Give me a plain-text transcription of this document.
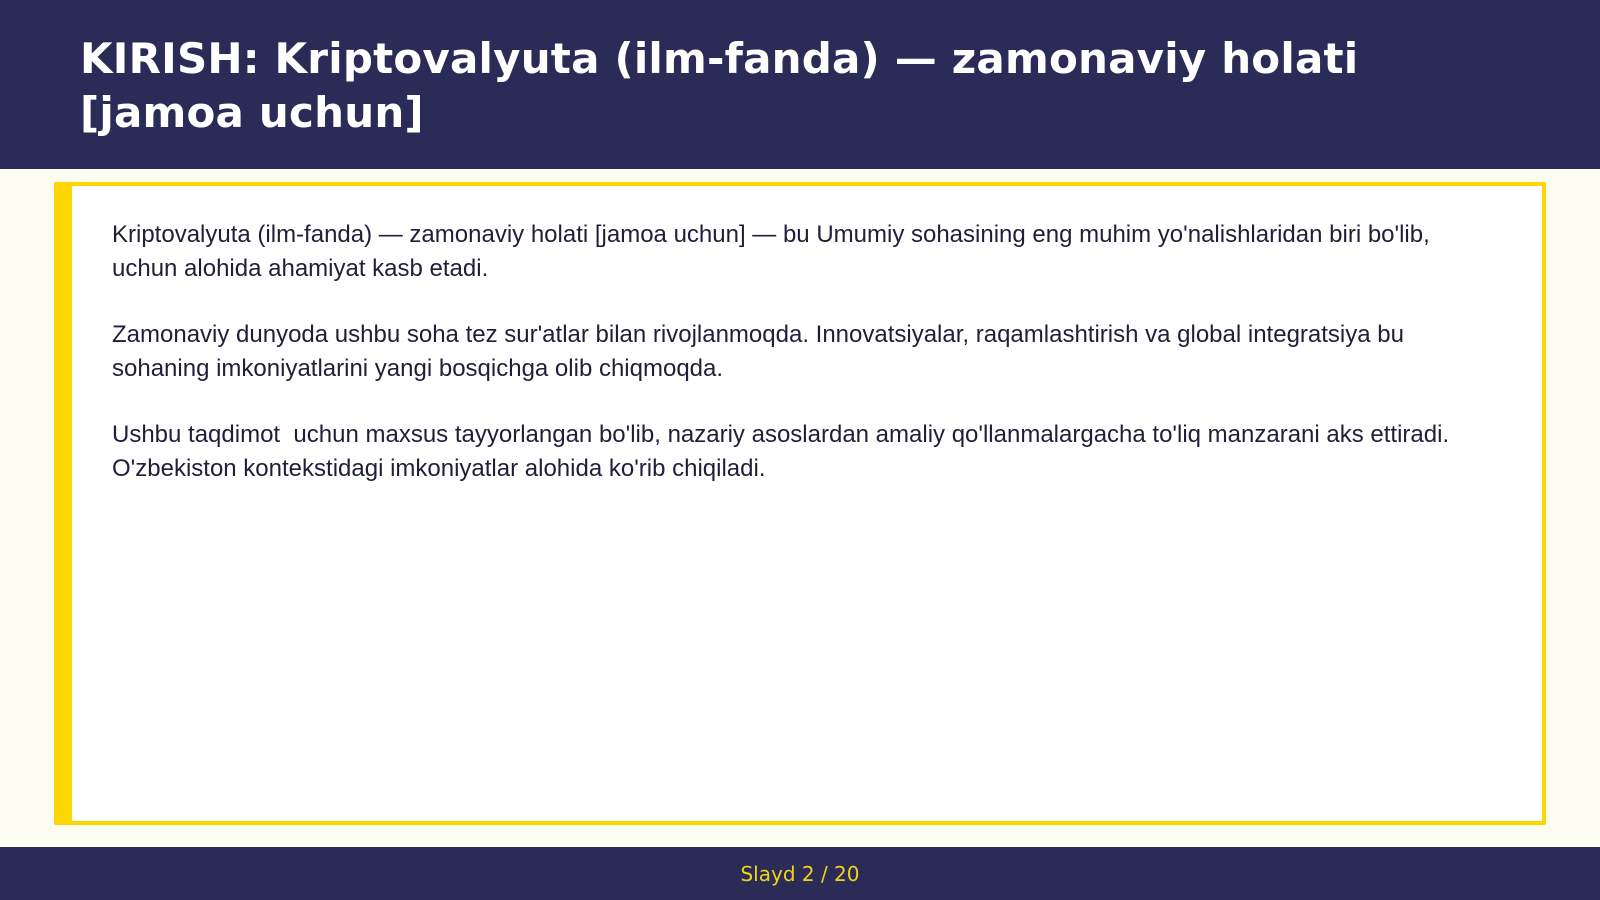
KIRISH: Kriptovalyuta (ilm-fanda) — zamonaviy holati [jamoa uchun]

Kriptovalyuta (ilm-fanda) — zamonaviy holati [jamoa uchun] — bu Umumiy sohasining eng muhim yo'nalishlaridan biri bo'lib,  uchun alohida ahamiyat kasb etadi.

Zamonaviy dunyoda ushbu soha tez sur'atlar bilan rivojlanmoqda. Innovatsiyalar, raqamlashtirish va global integratsiya bu sohaning imkoniyatlarini yangi bosqichga olib chiqmoqda.

Ushbu taqdimot  uchun maxsus tayyorlangan bo'lib, nazariy asoslardan amaliy qo'llanmalargacha to'liq manzarani aks ettiradi. O'zbekiston kontekstidagi imkoniyatlar alohida ko'rib chiqiladi.

Slayd 2 / 20
